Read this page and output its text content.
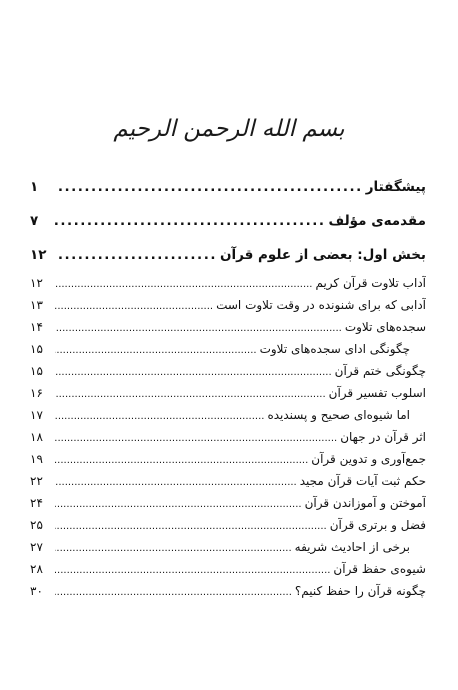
بسم الله الرحمن الرحیم
پیشگفتار
.....
۱
مقدمه‌ی مؤلف
.....
۷
بخش اول: بعضی از علوم قرآن
.....
۱۲
آداب تلاوت قرآن کریم
.....
۱۲
آدابی که برای شنونده در وقت تلاوت است
.....
۱۳
سجده‌های تلاوت
.....
۱۴
چگونگی ادای سجده‌های تلاوت
.....
۱۵
چگونگی ختم قرآن
.....
۱۵
اسلوب تفسیر قرآن
.....
۱۶
اما شیوه‌ای صحیح و پسندیده
.....
۱۷
اثر قرآن در جهان
.....
۱۸
جمع‌آوری و تدوین قرآن
.....
۱۹
حکم ثبت آیات قرآن مجید
.....
۲۲
آموختن و آموزاندن قرآن
.....
۲۴
فضل و برتری قرآن
.....
۲۵
برخی از احادیث شریفه
.....
۲۷
شیوه‌ی حفظ قرآن
.....
۲۸
چگونه قرآن را حفظ کنیم؟
.....
۳۰
